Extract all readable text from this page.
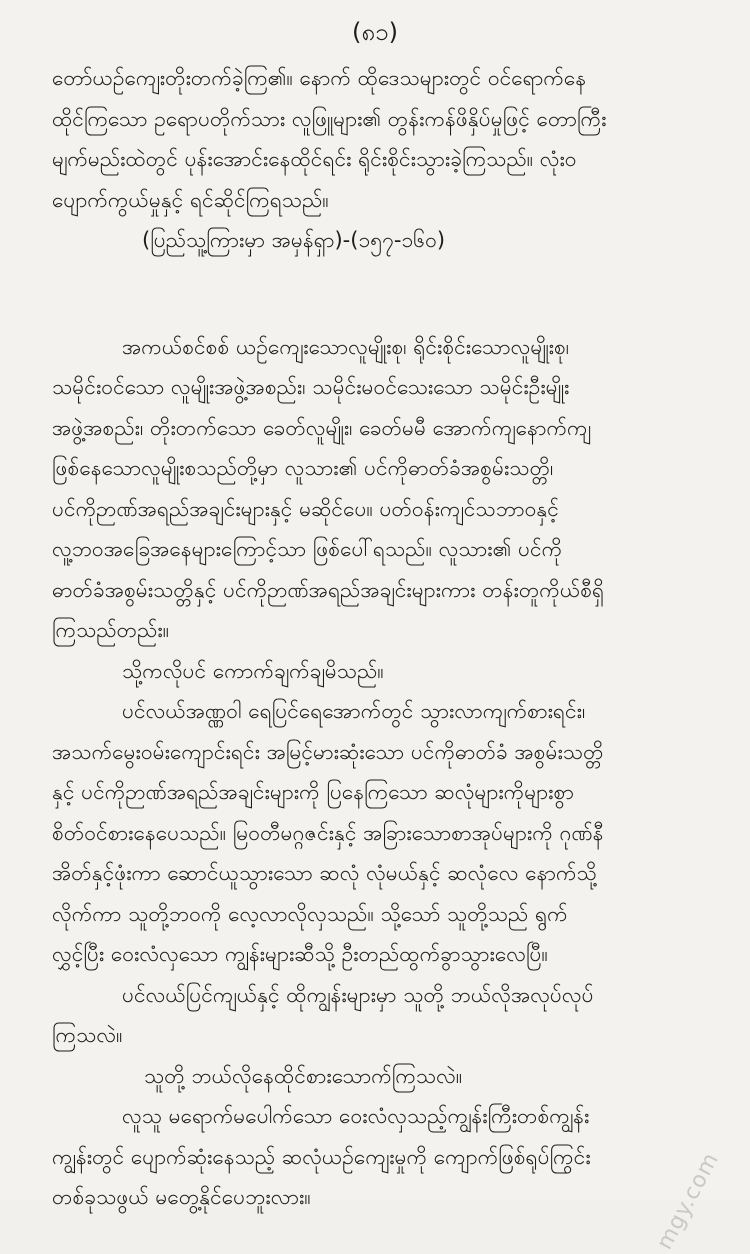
(၈၁)
တော်ယဉ်ကျေးတိုးတက်ခဲ့ကြ၏။ နောက် ထိုဒေသများတွင် ဝင်ရောက်နေ
ထိုင်ကြသော ဥရောပတိုက်သား လူဖြူများ၏ တွန်းကန်ဖိနှိပ်မှုဖြင့် တောကြီး
မျက်မည်းထဲတွင် ပုန်းအောင်းနေထိုင်ရင်း ရိုင်းစိုင်းသွားခဲ့ကြသည်။ လုံးဝ
ပျောက်ကွယ်မှုနှင့် ရင်ဆိုင်ကြရသည်။
(ပြည်သူ့ကြားမှာ အမှန်ရှာ)-(၁၅၇-၁၆၀)
အကယ်စင်စစ် ယဉ်ကျေးသောလူမျိုးစု၊ ရိုင်းစိုင်းသောလူမျိုးစု၊
သမိုင်းဝင်သော လူမျိုးအဖွဲ့အစည်း၊ သမိုင်းမဝင်သေးသော သမိုင်းဦးမျိုး
အဖွဲ့အစည်း၊ တိုးတက်သော ခေတ်လူမျိုး၊ ခေတ်မမီ အောက်ကျနောက်ကျ
ဖြစ်နေသောလူမျိုးစသည်တို့မှာ လူသား၏ ပင်ကိုဓာတ်ခံအစွမ်းသတ္တိ၊
ပင်ကိုဉာဏ်အရည်အချင်းများနှင့် မဆိုင်ပေ။ ပတ်ဝန်းကျင်သဘာဝနှင့်
လူ့ဘဝအခြေအနေများကြောင့်သာ ဖြစ်ပေါ်ရသည်။ လူသား၏ ပင်ကို
ဓာတ်ခံအစွမ်းသတ္တိနှင့် ပင်ကိုဉာဏ်အရည်အချင်းများကား တန်းတူကိုယ်စီရှိ
ကြသည်တည်း။
သို့ကလိုပင် ကောက်ချက်ချမိသည်။
ပင်လယ်အဏ္ဏဝါ ရေပြင်ရေအောက်တွင် သွားလာကျက်စားရင်း၊
အသက်မွေးဝမ်းကျောင်းရင်း အမြင့်မားဆုံးသော ပင်ကိုဓာတ်ခံ အစွမ်းသတ္တိ
နှင့် ပင်ကိုဉာဏ်အရည်အချင်းများကို ပြနေကြသော ဆလုံများကိုများစွာ
စိတ်ဝင်စားနေပေသည်။ မြဝတီမဂ္ဂဇင်းနှင့် အခြားသောစာအုပ်များကို ဂုဏ်နီ
အိတ်နှင့်ဖုံးကာ ဆောင်ယူသွားသော ဆလုံ လုံမယ်နှင့် ဆလုံလေ နောက်သို့
လိုက်ကာ သူတို့ဘဝကို လေ့လာလိုလှသည်။ သို့သော် သူတို့သည် ရွက်
လွှင့်ပြီး ဝေးလံလှသော ကျွန်းများဆီသို့ ဦးတည်ထွက်ခွာသွားလေပြီ။
ပင်လယ်ပြင်ကျယ်နှင့် ထိုကျွန်းများမှာ သူတို့ ဘယ်လိုအလုပ်လုပ်
ကြသလဲ။
သူတို့ ဘယ်လိုနေထိုင်စားသောက်ကြသလဲ။
လူသူ မရောက်မပေါက်သော ဝေးလံလှသည့်ကျွန်းကြီးတစ်ကျွန်း
ကျွန်းတွင် ပျောက်ဆုံးနေသည့် ဆလုံယဉ်ကျေးမှုကို ကျောက်ဖြစ်ရုပ်ကြွင်း
တစ်ခုသဖွယ် မတွေ့နိုင်ပေဘူးလား။	mgy.com
